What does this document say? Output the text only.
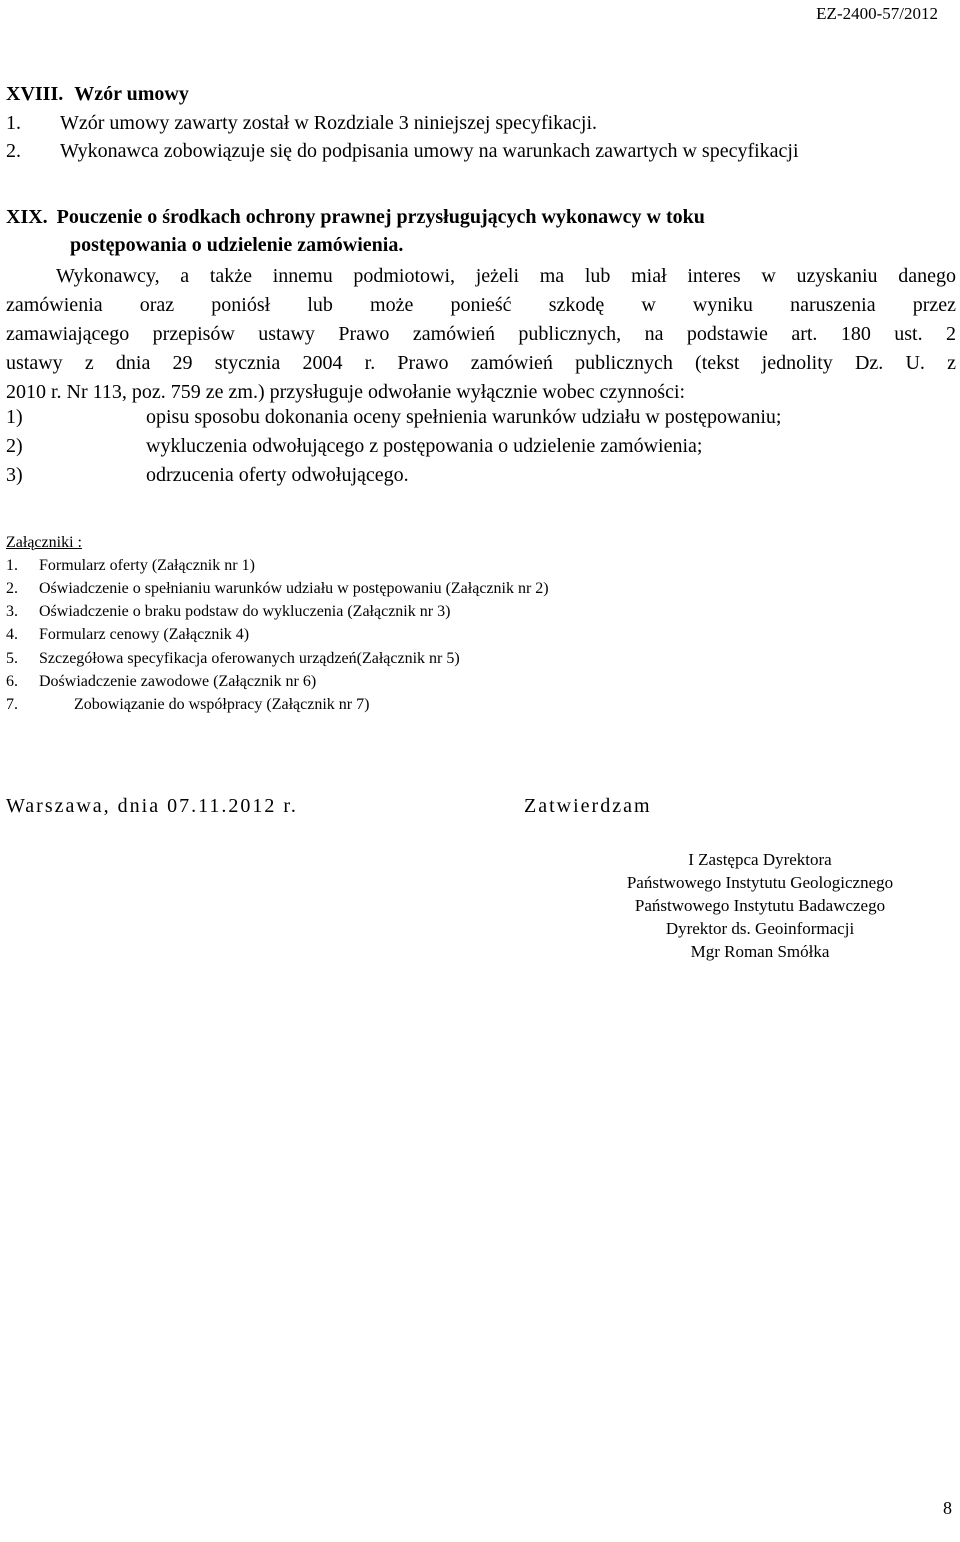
EZ-2400-57/2012
XVIII. Wzór umowy
1. Wzór umowy zawarty został w Rozdziale 3 niniejszej specyfikacji.
2. Wykonawca zobowiązuje się do podpisania umowy na warunkach zawartych w specyfikacji
XIX. Pouczenie o środkach ochrony prawnej przysługujących wykonawcy w toku
postępowania o udzielenie zamówienia.
Wykonawcy, a także innemu podmiotowi, jeżeli ma lub miał interes w uzyskaniu danego
zamówienia oraz poniósł lub może ponieść szkodę w wyniku naruszenia przez
zamawiającego przepisów ustawy Prawo zamówień publicznych, na podstawie art. 180 ust. 2
ustawy z dnia 29 stycznia 2004 r. Prawo zamówień publicznych (tekst jednolity Dz. U. z
2010 r. Nr 113, poz. 759 ze zm.) przysługuje odwołanie wyłącznie wobec czynności:
1)	opisu sposobu dokonania oceny spełnienia warunków udziału w postępowaniu;
2)	wykluczenia odwołującego z postępowania o udzielenie zamówienia;
3)	odrzucenia oferty odwołującego.
Załączniki :
1. Formularz oferty (Załącznik nr 1)
2. Oświadczenie o spełnianiu warunków udziału w postępowaniu (Załącznik nr 2)
3. Oświadczenie o braku podstaw do wykluczenia (Załącznik nr 3)
4. Formularz cenowy (Załącznik 4)
5. Szczegółowa specyfikacja oferowanych urządzeń(Załącznik nr 5)
6. Doświadczenie zawodowe (Załącznik nr 6)
7.	Zobowiązanie do współpracy (Załącznik nr 7)
Warszawa, dnia 07.11.2012 r.	Zatwierdzam
I Zastępca Dyrektora
Państwowego Instytutu Geologicznego
Państwowego Instytutu Badawczego
Dyrektor ds. Geoinformacji
Mgr Roman Smółka
8
